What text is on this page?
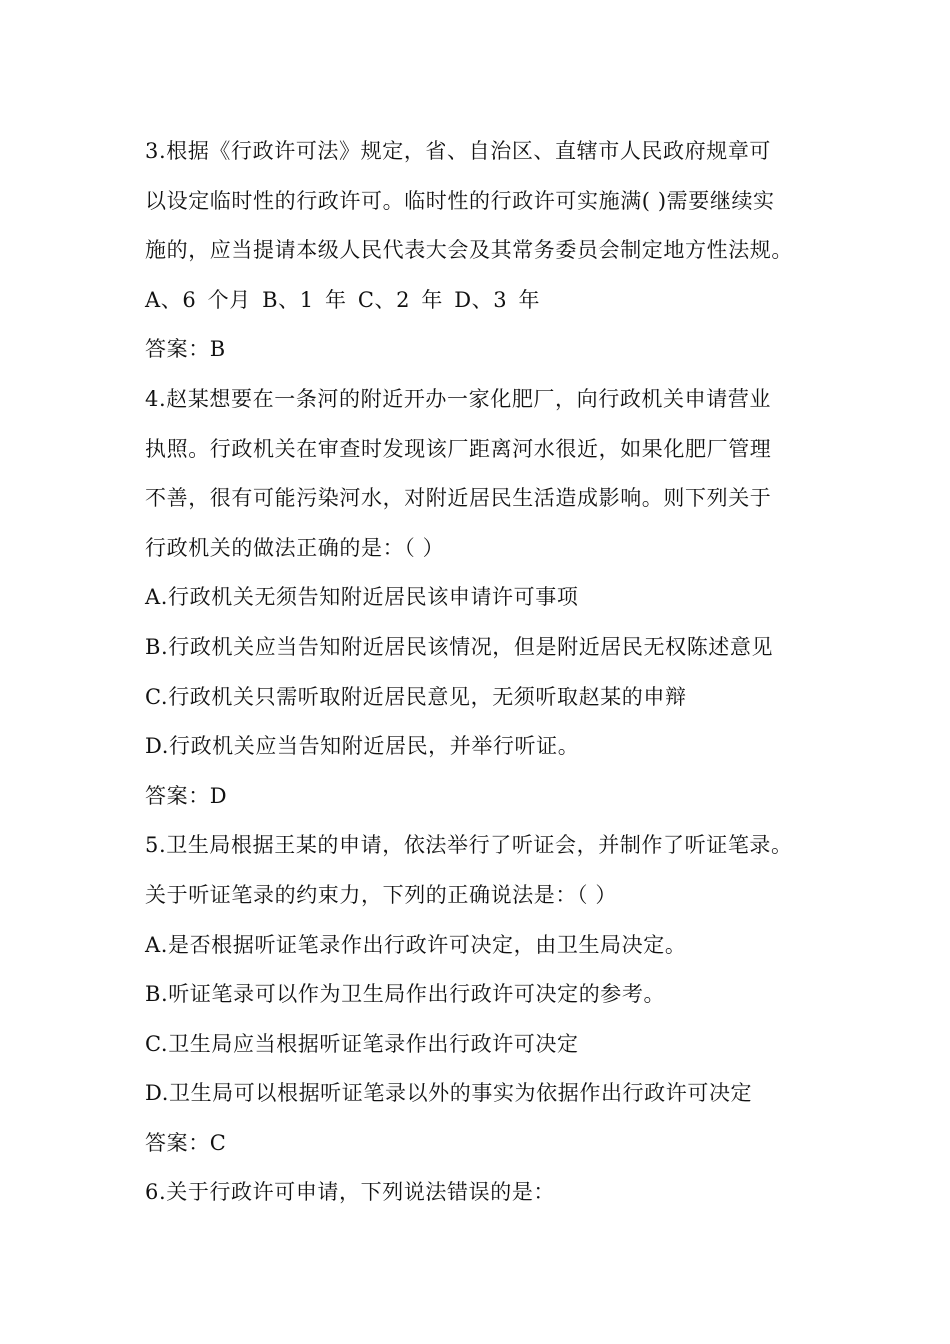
3.根据《行政许可法》规定，省、自治区、直辖市人民政府规章可
以设定临时性的行政许可。临时性的行政许可实施满( )需要继续实
施的，应当提请本级人民代表大会及其常务委员会制定地方性法规。
A、6 个月 B、1 年 C、2 年 D、3 年
答案：B
4.赵某想要在一条河的附近开办一家化肥厂，向行政机关申请营业
执照。行政机关在审查时发现该厂距离河水很近，如果化肥厂管理
不善，很有可能污染河水，对附近居民生活造成影响。则下列关于
行政机关的做法正确的是：（ ）
A.行政机关无须告知附近居民该申请许可事项
B.行政机关应当告知附近居民该情况，但是附近居民无权陈述意见
C.行政机关只需听取附近居民意见，无须听取赵某的申辩
D.行政机关应当告知附近居民，并举行听证。
答案：D
5.卫生局根据王某的申请，依法举行了听证会，并制作了听证笔录。
关于听证笔录的约束力，下列的正确说法是：（ ）
A.是否根据听证笔录作出行政许可决定，由卫生局决定。
B.听证笔录可以作为卫生局作出行政许可决定的参考。
C.卫生局应当根据听证笔录作出行政许可决定
D.卫生局可以根据听证笔录以外的事实为依据作出行政许可决定
答案：C
6.关于行政许可申请，下列说法错误的是：
